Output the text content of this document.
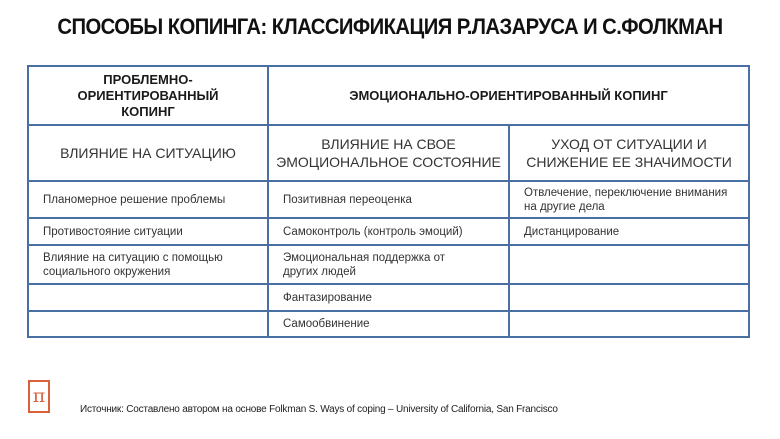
СПОСОБЫ КОПИНГА: КЛАССИФИКАЦИЯ Р.ЛАЗАРУСА И С.ФОЛКМАН
ПРОБЛЕМНО-ОРИЕНТИРОВАННЫЙ КОПИНГ	ЭМОЦИОНАЛЬНО-ОРИЕНТИРОВАННЫЙ КОПИНГ	
ВЛИЯНИЕ НА СИТУАЦИЮ	ВЛИЯНИЕ НА СВОЕ ЭМОЦИОНАЛЬНОЕ СОСТОЯНИЕ	УХОД ОТ СИТУАЦИИ И СНИЖЕНИЕ ЕЕ ЗНАЧИМОСТИ
Планомерное решение проблемы	Позитивная переоценка	Отвлечение, переключение внимания на другие дела
Противостояние ситуации	Самоконтроль (контроль эмоций)	Дистанцирование
Влияние на ситуацию с помощью социального окружения	Эмоциональная поддержка от других людей	
	Фантазирование	
	Самообвинение	
π
Источник: Составлено автором на основе Folkman S. Ways of coping – University of California, San Francisco
